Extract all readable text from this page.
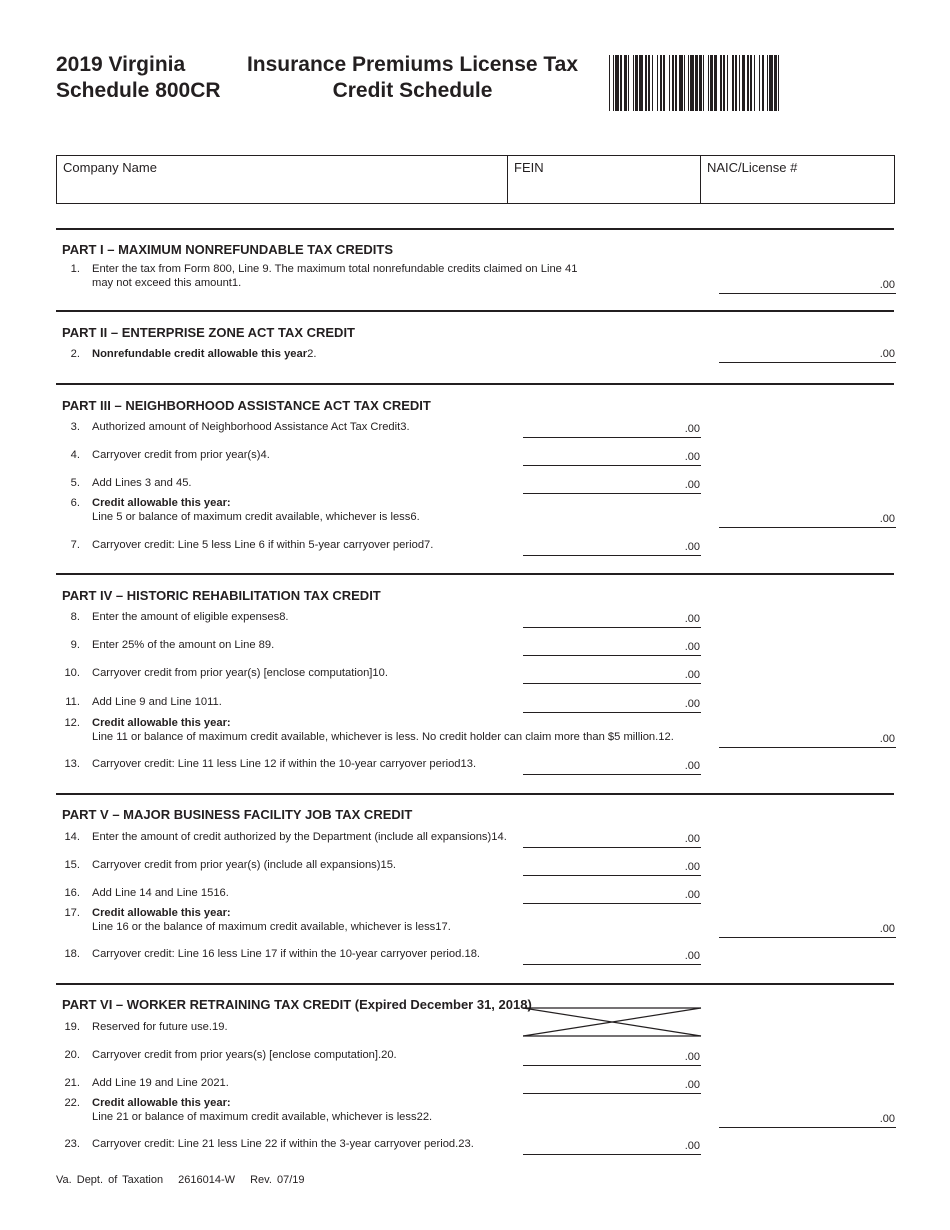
2019 Virginia
Schedule 800CR
Insurance Premiums License Tax
Credit Schedule
Company Name	FEIN	NAIC/License #
PART I – MAXIMUM NONREFUNDABLE TAX CREDITS
1. Enter the tax from Form 800, Line 9. The maximum total nonrefundable credits claimed on Line 41
may not exceed this amount1.	.00
PART II – ENTERPRISE ZONE ACT TAX CREDIT
2. Nonrefundable credit allowable this year2.	.00
PART III – NEIGHBORHOOD ASSISTANCE ACT TAX CREDIT
3. Authorized amount of Neighborhood Assistance Act Tax Credit3.	.00
4. Carryover credit from prior year(s)4.	.00
5. Add Lines 3 and 45.	.00
6. Credit allowable this year:
Line 5 or balance of maximum credit available, whichever is less6.	.00
7. Carryover credit: Line 5 less Line 6 if within 5-year carryover period7.	.00
PART IV – HISTORIC REHABILITATION TAX CREDIT
8. Enter the amount of eligible expenses8.	.00
9. Enter 25% of the amount on Line 89.	.00
10. Carryover credit from prior year(s) [enclose computation]10.	.00
11. Add Line 9 and Line 1011.	.00
12. Credit allowable this year:
Line 11 or balance of maximum credit available, whichever is less. No credit holder can claim more than $5 million.12.	.00
13. Carryover credit: Line 11 less Line 12 if within the 10-year carryover period13.	.00
PART V – MAJOR BUSINESS FACILITY JOB TAX CREDIT
14. Enter the amount of credit authorized by the Department (include all expansions)14.	.00
15. Carryover credit from prior year(s) (include all expansions)15.	.00
16. Add Line 14 and Line 1516.	.00
17. Credit allowable this year:
Line 16 or the balance of maximum credit available, whichever is less17.	.00
18. Carryover credit: Line 16 less Line 17 if within the 10-year carryover period.18.	.00
PART VI – WORKER RETRAINING TAX CREDIT (Expired December 31, 2018)
19. Reserved for future use.19.
20. Carryover credit from prior years(s) [enclose computation].20.	.00
21. Add Line 19 and Line 2021.	.00
22. Credit allowable this year:
Line 21 or balance of maximum credit available, whichever is less22.	.00
23. Carryover credit: Line 21 less Line 22 if within the 3-year carryover period.23.	.00
Va. Dept. of Taxation 2616014-W Rev. 07/19
